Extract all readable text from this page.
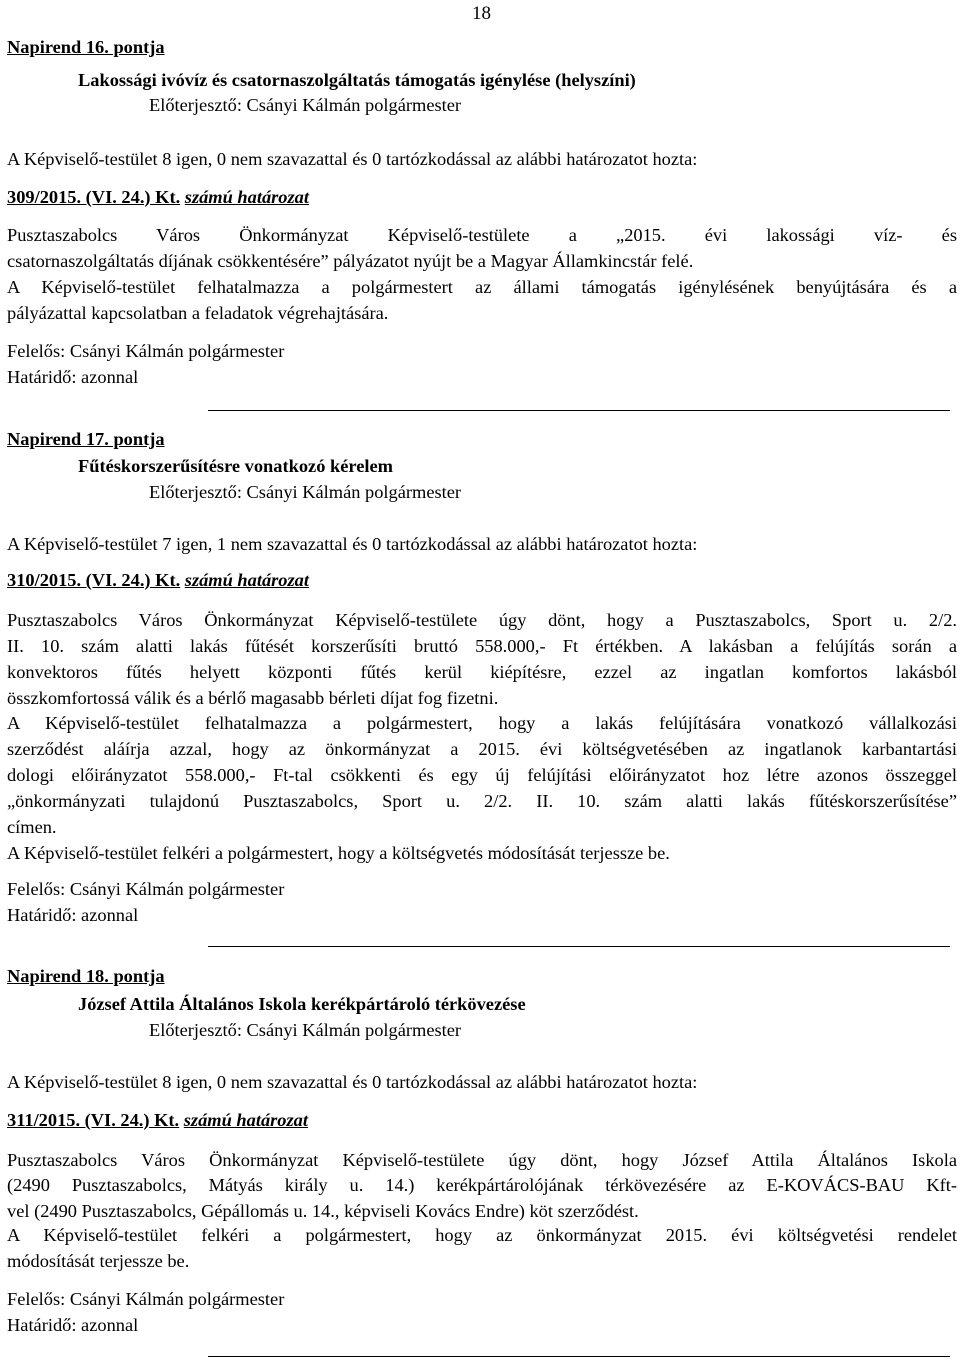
18
Napirend 16. pontja
Lakossági ivóvíz és csatornaszolgáltatás támogatás igénylése (helyszíni)
Előterjesztő: Csányi Kálmán polgármester
A Képviselő-testület 8 igen, 0 nem szavazattal és 0 tartózkodással az alábbi határozatot hozta:
309/2015. (VI. 24.) Kt. számú határozat
Pusztaszabolcs Város Önkormányzat Képviselő-testülete a „2015. évi lakossági víz- és
csatornaszolgáltatás díjának csökkentésére” pályázatot nyújt be a Magyar Államkincstár felé.
A Képviselő-testület felhatalmazza a polgármestert az állami támogatás igénylésének benyújtására és a
pályázattal kapcsolatban a feladatok végrehajtására.
Felelős: Csányi Kálmán polgármester
Határidő: azonnal
Napirend 17. pontja
Fűtéskorszerűsítésre vonatkozó kérelem
Előterjesztő: Csányi Kálmán polgármester
A Képviselő-testület 7 igen, 1 nem szavazattal és 0 tartózkodással az alábbi határozatot hozta:
310/2015. (VI. 24.) Kt. számú határozat
Pusztaszabolcs Város Önkormányzat Képviselő-testülete úgy dönt, hogy a Pusztaszabolcs, Sport u. 2/2.
II. 10. szám alatti lakás fűtését korszerűsíti bruttó 558.000,- Ft értékben. A lakásban a felújítás során a
konvektoros fűtés helyett központi fűtés kerül kiépítésre, ezzel az ingatlan komfortos lakásból
összkomfortossá válik és a bérlő magasabb bérleti díjat fog fizetni.
A Képviselő-testület felhatalmazza a polgármestert, hogy a lakás felújítására vonatkozó vállalkozási
szerződést aláírja azzal, hogy az önkormányzat a 2015. évi költségvetésében az ingatlanok karbantartási
dologi előirányzatot 558.000,- Ft-tal csökkenti és egy új felújítási előirányzatot hoz létre azonos összeggel
„önkormányzati tulajdonú Pusztaszabolcs, Sport u. 2/2. II. 10. szám alatti lakás fűtéskorszerűsítése”
címen.
A Képviselő-testület felkéri a polgármestert, hogy a költségvetés módosítását terjessze be.
Felelős: Csányi Kálmán polgármester
Határidő: azonnal
Napirend 18. pontja
József Attila Általános Iskola kerékpártároló térkövezése
Előterjesztő: Csányi Kálmán polgármester
A Képviselő-testület 8 igen, 0 nem szavazattal és 0 tartózkodással az alábbi határozatot hozta:
311/2015. (VI. 24.) Kt. számú határozat
Pusztaszabolcs Város Önkormányzat Képviselő-testülete úgy dönt, hogy József Attila Általános Iskola
(2490 Pusztaszabolcs, Mátyás király u. 14.) kerékpártárolójának térkövezésére az E-KOVÁCS-BAU Kft-
vel (2490 Pusztaszabolcs, Gépállomás u. 14., képviseli Kovács Endre) köt szerződést.
A Képviselő-testület felkéri a polgármestert, hogy az önkormányzat 2015. évi költségvetési rendelet
módosítását terjessze be.
Felelős: Csányi Kálmán polgármester
Határidő: azonnal
